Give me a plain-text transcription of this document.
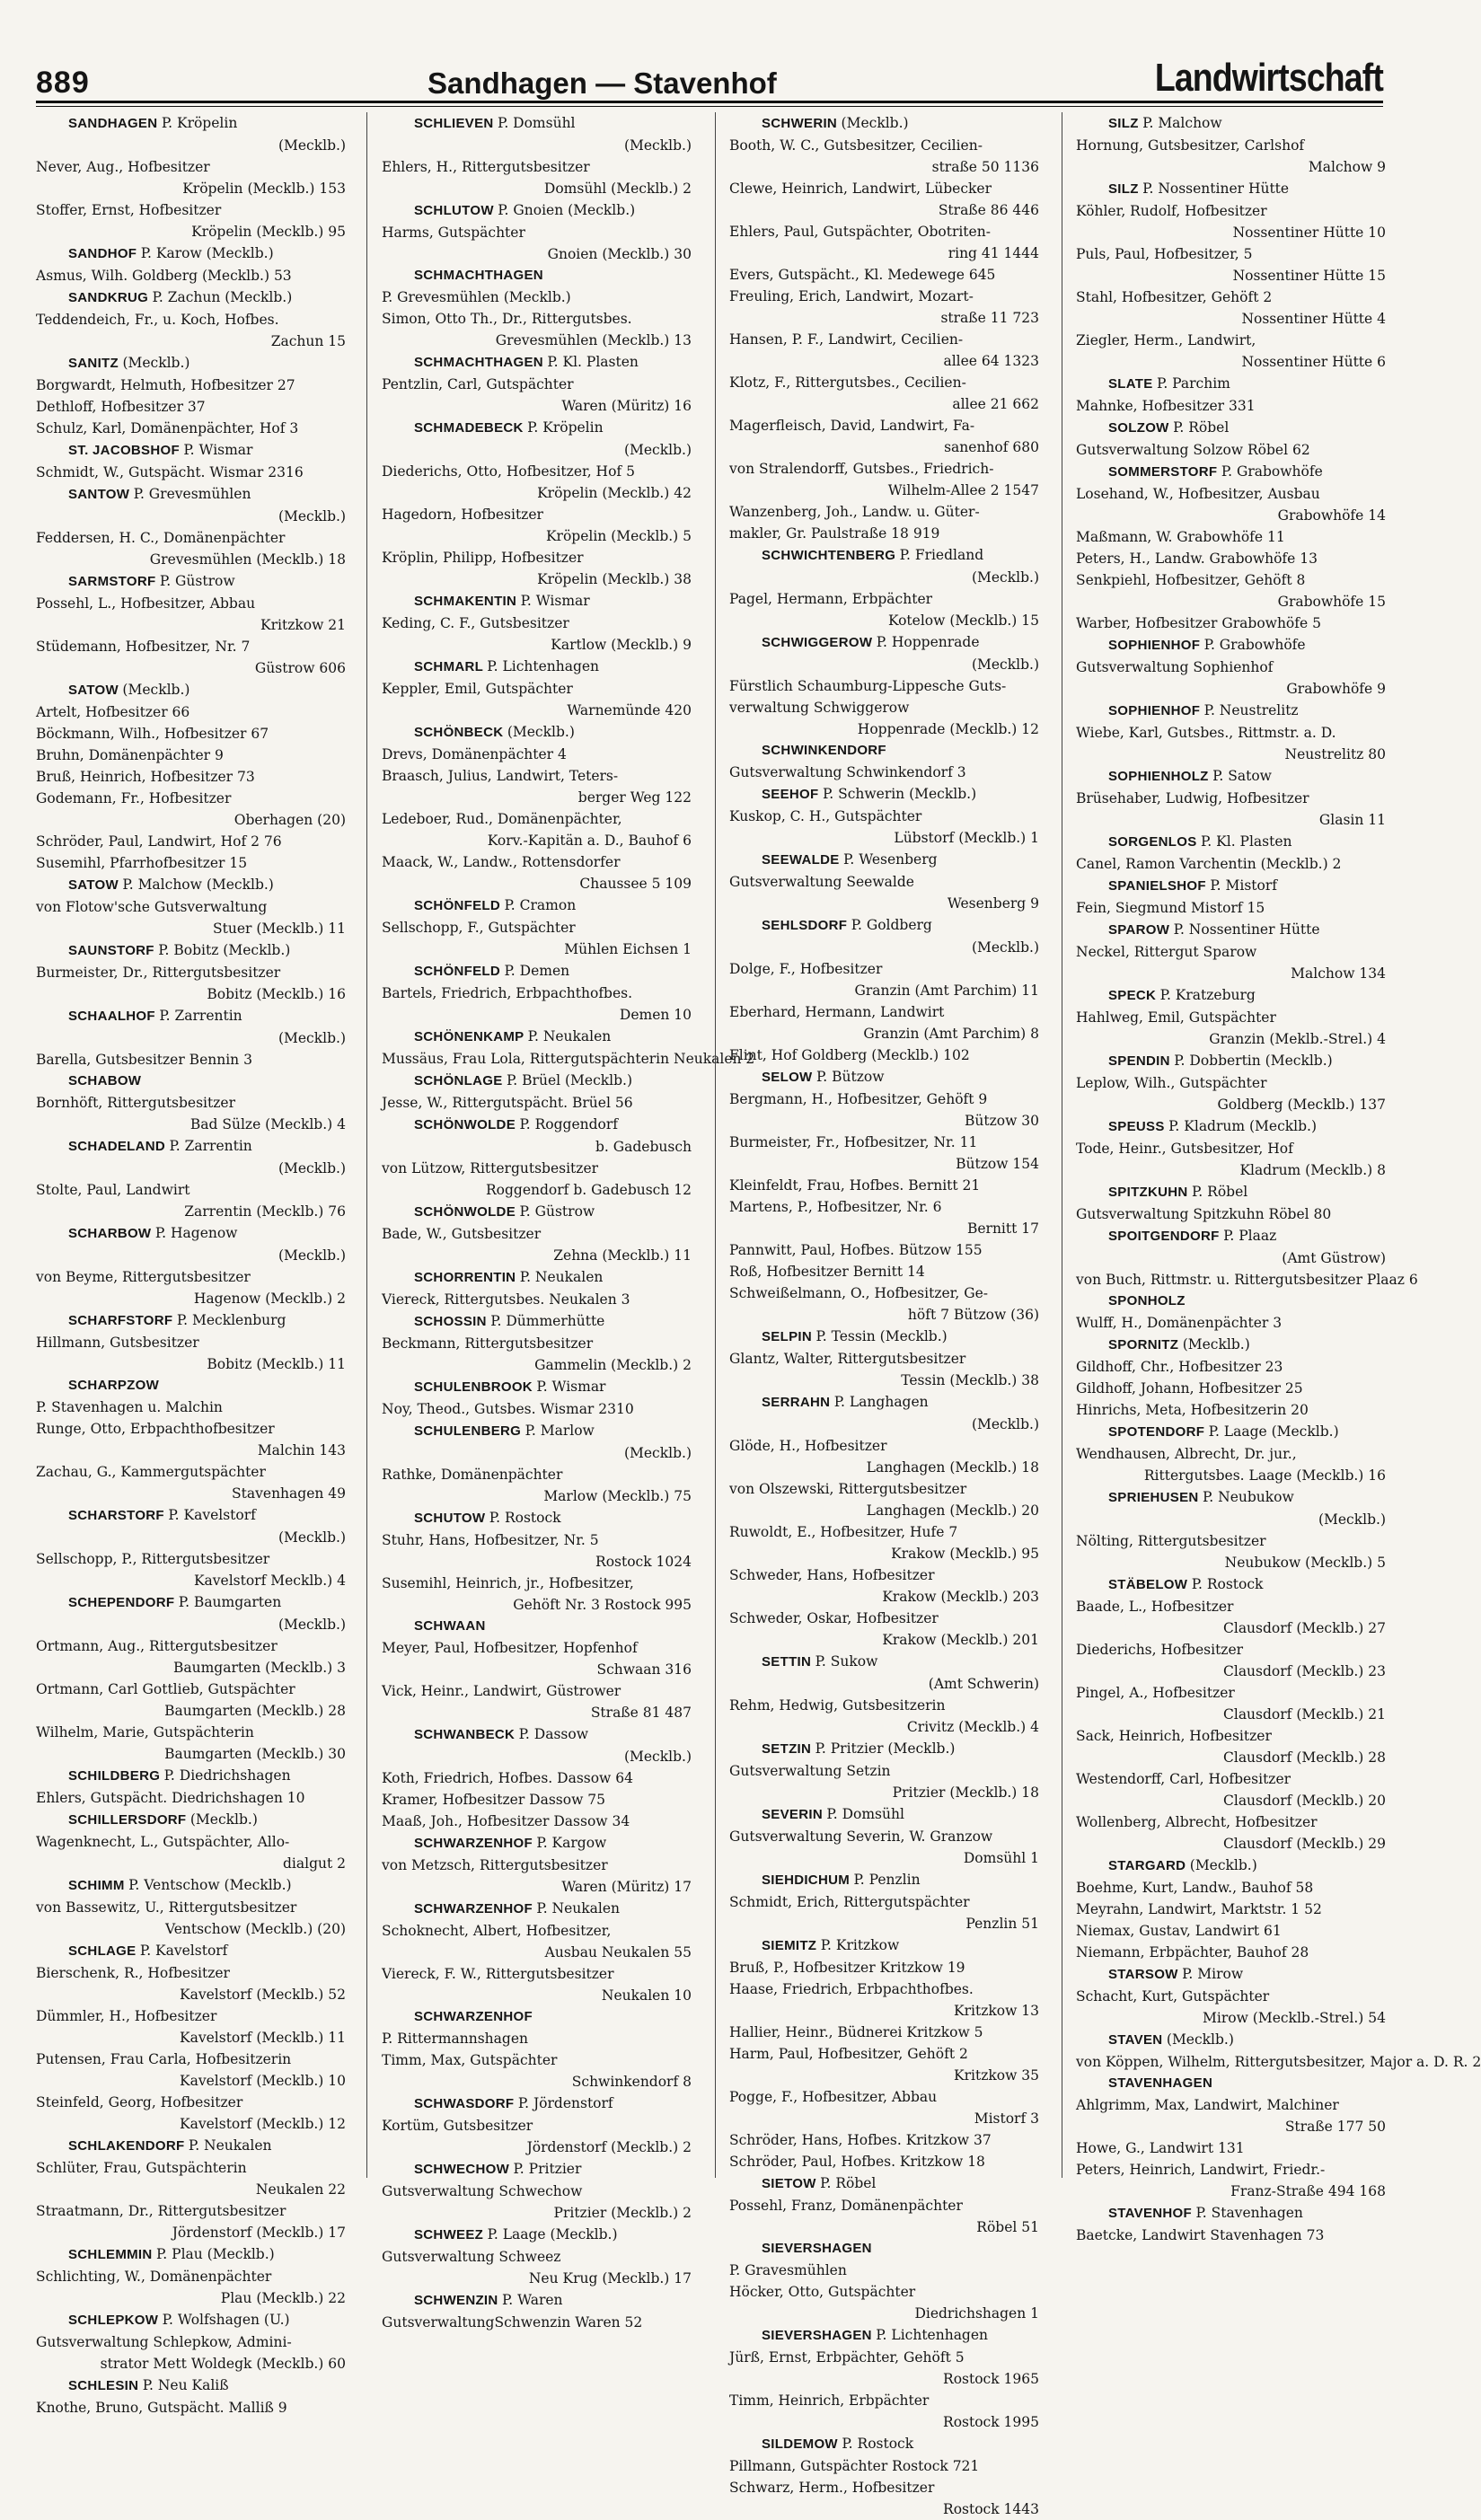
889	Sandhagen — Stavenhof	Landwirtschaft
SANDHAGEN P. Kröpelin
(Mecklb.)
Never, Aug., Hofbesitzer
Kröpelin (Mecklb.) 153
Stoffer, Ernst, Hofbesitzer
Kröpelin (Mecklb.) 95
SANDHOF P. Karow (Mecklb.)
Asmus, Wilh. Goldberg (Mecklb.) 53
SANDKRUG P. Zachun (Mecklb.)
Teddendeich, Fr., u. Koch, Hofbes.
Zachun 15
SANITZ (Mecklb.)
Borgwardt, Helmuth, Hofbesitzer 27
Dethloff, Hofbesitzer 37
Schulz, Karl, Domänenpächter, Hof 3
ST. JACOBSHOF P. Wismar
Schmidt, W., Gutspächt. Wismar 2316
SANTOW P. Grevesmühlen
(Mecklb.)
Feddersen, H. C., Domänenpächter
Grevesmühlen (Mecklb.) 18
SARMSTORF P. Güstrow
Possehl, L., Hofbesitzer, Abbau
Kritzkow 21
Stüdemann, Hofbesitzer, Nr. 7
Güstrow 606
SATOW (Mecklb.)
Artelt, Hofbesitzer 66
Böckmann, Wilh., Hofbesitzer 67
Bruhn, Domänenpächter 9
Bruß, Heinrich, Hofbesitzer 73
Godemann, Fr., Hofbesitzer
Oberhagen (20)
Schröder, Paul, Landwirt, Hof 2 76
Susemihl, Pfarrhofbesitzer 15
SATOW P. Malchow (Mecklb.)
von Flotow'sche Gutsverwaltung
Stuer (Mecklb.) 11
SAUNSTORF P. Bobitz (Mecklb.)
Burmeister, Dr., Rittergutsbesitzer
Bobitz (Mecklb.) 16
SCHAALHOF P. Zarrentin
(Mecklb.)
Barella, Gutsbesitzer Bennin 3
SCHABOW
Bornhöft, Rittergutsbesitzer
Bad Sülze (Mecklb.) 4
SCHADELAND P. Zarrentin
(Mecklb.)
Stolte, Paul, Landwirt
Zarrentin (Mecklb.) 76
SCHARBOW P. Hagenow
(Mecklb.)
von Beyme, Rittergutsbesitzer
Hagenow (Mecklb.) 2
SCHARFSTORF P. Mecklenburg
Hillmann, Gutsbesitzer
Bobitz (Mecklb.) 11
SCHARPZOW
P. Stavenhagen u. Malchin
Runge, Otto, Erbpachthofbesitzer
Malchin 143
Zachau, G., Kammergutspächter
Stavenhagen 49
SCHARSTORF P. Kavelstorf
(Mecklb.)
Sellschopp, P., Rittergutsbesitzer
Kavelstorf Mecklb.) 4
SCHEPENDORF P. Baumgarten
(Mecklb.)
Ortmann, Aug., Rittergutsbesitzer
Baumgarten (Mecklb.) 3
Ortmann, Carl Gottlieb, Gutspächter
Baumgarten (Mecklb.) 28
Wilhelm, Marie, Gutspächterin
Baumgarten (Mecklb.) 30
SCHILDBERG P. Diedrichshagen
Ehlers, Gutspächt. Diedrichshagen 10
SCHILLERSDORF (Mecklb.)
Wagenknecht, L., Gutspächter, Allo-
dialgut 2
SCHIMM P. Ventschow (Mecklb.)
von Bassewitz, U., Rittergutsbesitzer
Ventschow (Mecklb.) (20)
SCHLAGE P. Kavelstorf
Bierschenk, R., Hofbesitzer
Kavelstorf (Mecklb.) 52
Dümmler, H., Hofbesitzer
Kavelstorf (Mecklb.) 11
Putensen, Frau Carla, Hofbesitzerin
Kavelstorf (Mecklb.) 10
Steinfeld, Georg, Hofbesitzer
Kavelstorf (Mecklb.) 12
SCHLAKENDORF P. Neukalen
Schlüter, Frau, Gutspächterin
Neukalen 22
Straatmann, Dr., Rittergutsbesitzer
Jördenstorf (Mecklb.) 17
SCHLEMMIN P. Plau (Mecklb.)
Schlichting, W., Domänenpächter
Plau (Mecklb.) 22
SCHLEPKOW P. Wolfshagen (U.)
Gutsverwaltung Schlepkow, Admini-
strator Mett Woldegk (Mecklb.) 60
SCHLESIN P. Neu Kaliß
Knothe, Bruno, Gutspächt. Malliß 9
SCHLIEVEN P. Domsühl
(Mecklb.)
Ehlers, H., Rittergutsbesitzer
Domsühl (Mecklb.) 2
SCHLUTOW P. Gnoien (Mecklb.)
Harms, Gutspächter
Gnoien (Mecklb.) 30
SCHMACHTHAGEN
P. Grevesmühlen (Mecklb.)
Simon, Otto Th., Dr., Rittergutsbes.
Grevesmühlen (Mecklb.) 13
SCHMACHTHAGEN P. Kl. Plasten
Pentzlin, Carl, Gutspächter
Waren (Müritz) 16
SCHMADEBECK P. Kröpelin
(Mecklb.)
Diederichs, Otto, Hofbesitzer, Hof 5
Kröpelin (Mecklb.) 42
Hagedorn, Hofbesitzer
Kröpelin (Mecklb.) 5
Kröplin, Philipp, Hofbesitzer
Kröpelin (Mecklb.) 38
SCHMAKENTIN P. Wismar
Keding, C. F., Gutsbesitzer
Kartlow (Mecklb.) 9
SCHMARL P. Lichtenhagen
Keppler, Emil, Gutspächter
Warnemünde 420
SCHÖNBECK (Mecklb.)
Drevs, Domänenpächter 4
Braasch, Julius, Landwirt, Teters-
berger Weg 122
Ledeboer, Rud., Domänenpächter,
Korv.-Kapitän a. D., Bauhof 6
Maack, W., Landw., Rottensdorfer
Chaussee 5 109
SCHÖNFELD P. Cramon
Sellschopp, F., Gutspächter
Mühlen Eichsen 1
SCHÖNFELD P. Demen
Bartels, Friedrich, Erbpachthofbes.
Demen 10
SCHÖNENKAMP P. Neukalen
Mussäus, Frau Lola, Rittergutspächterin Neukalen 2
SCHÖNLAGE P. Brüel (Mecklb.)
Jesse, W., Rittergutspächt. Brüel 56
SCHÖNWOLDE P. Roggendorf
b. Gadebusch
von Lützow, Rittergutsbesitzer
Roggendorf b. Gadebusch 12
SCHÖNWOLDE P. Güstrow
Bade, W., Gutsbesitzer
Zehna (Mecklb.) 11
SCHORRENTIN P. Neukalen
Viereck, Rittergutsbes. Neukalen 3
SCHOSSIN P. Dümmerhütte
Beckmann, Rittergutsbesitzer
Gammelin (Mecklb.) 2
SCHULENBROOK P. Wismar
Noy, Theod., Gutsbes. Wismar 2310
SCHULENBERG P. Marlow
(Mecklb.)
Rathke, Domänenpächter
Marlow (Mecklb.) 75
SCHUTOW P. Rostock
Stuhr, Hans, Hofbesitzer, Nr. 5
Rostock 1024
Susemihl, Heinrich, jr., Hofbesitzer,
Gehöft Nr. 3 Rostock 995
SCHWAAN
Meyer, Paul, Hofbesitzer, Hopfenhof
Schwaan 316
Vick, Heinr., Landwirt, Güstrower
Straße 81 487
SCHWANBECK P. Dassow
(Mecklb.)
Koth, Friedrich, Hofbes. Dassow 64
Kramer, Hofbesitzer Dassow 75
Maaß, Joh., Hofbesitzer Dassow 34
SCHWARZENHOF P. Kargow
von Metzsch, Rittergutsbesitzer
Waren (Müritz) 17
SCHWARZENHOF P. Neukalen
Schoknecht, Albert, Hofbesitzer,
Ausbau Neukalen 55
Viereck, F. W., Rittergutsbesitzer
Neukalen 10
SCHWARZENHOF
P. Rittermannshagen
Timm, Max, Gutspächter
Schwinkendorf 8
SCHWASDORF P. Jördenstorf
Kortüm, Gutsbesitzer
Jördenstorf (Mecklb.) 2
SCHWECHOW P. Pritzier
Gutsverwaltung Schwechow
Pritzier (Mecklb.) 2
SCHWEEZ P. Laage (Mecklb.)
Gutsverwaltung Schweez
Neu Krug (Mecklb.) 17
SCHWENZIN P. Waren
GutsverwaltungSchwenzin Waren 52
SCHWERIN (Mecklb.)
Booth, W. C., Gutsbesitzer, Cecilien-
straße 50 1136
Clewe, Heinrich, Landwirt, Lübecker
Straße 86 446
Ehlers, Paul, Gutspächter, Obotriten-
ring 41 1444
Evers, Gutspächt., Kl. Medewege 645
Freuling, Erich, Landwirt, Mozart-
straße 11 723
Hansen, P. F., Landwirt, Cecilien-
allee 64 1323
Klotz, F., Rittergutsbes., Cecilien-
allee 21 662
Magerfleisch, David, Landwirt, Fa-
sanenhof 680
von Stralendorff, Gutsbes., Friedrich-
Wilhelm-Allee 2 1547
Wanzenberg, Joh., Landw. u. Güter-
makler, Gr. Paulstraße 18 919
SCHWICHTENBERG P. Friedland
(Mecklb.)
Pagel, Hermann, Erbpächter
Kotelow (Mecklb.) 15
SCHWIGGEROW P. Hoppenrade
(Mecklb.)
Fürstlich Schaumburg-Lippesche Guts-
verwaltung Schwiggerow
Hoppenrade (Mecklb.) 12
SCHWINKENDORF
Gutsverwaltung Schwinkendorf 3
SEEHOF P. Schwerin (Mecklb.)
Kuskop, C. H., Gutspächter
Lübstorf (Mecklb.) 1
SEEWALDE P. Wesenberg
Gutsverwaltung Seewalde
Wesenberg 9
SEHLSDORF P. Goldberg
(Mecklb.)
Dolge, F., Hofbesitzer
Granzin (Amt Parchim) 11
Eberhard, Hermann, Landwirt
Granzin (Amt Parchim) 8
Flint, Hof Goldberg (Mecklb.) 102
SELOW P. Bützow
Bergmann, H., Hofbesitzer, Gehöft 9
Bützow 30
Burmeister, Fr., Hofbesitzer, Nr. 11
Bützow 154
Kleinfeldt, Frau, Hofbes. Bernitt 21
Martens, P., Hofbesitzer, Nr. 6
Bernitt 17
Pannwitt, Paul, Hofbes. Bützow 155
Roß, Hofbesitzer Bernitt 14
Schweißelmann, O., Hofbesitzer, Ge-
höft 7 Bützow (36)
SELPIN P. Tessin (Mecklb.)
Glantz, Walter, Rittergutsbesitzer
Tessin (Mecklb.) 38
SERRAHN P. Langhagen
(Mecklb.)
Glöde, H., Hofbesitzer
Langhagen (Mecklb.) 18
von Olszewski, Rittergutsbesitzer
Langhagen (Mecklb.) 20
Ruwoldt, E., Hofbesitzer, Hufe 7
Krakow (Mecklb.) 95
Schweder, Hans, Hofbesitzer
Krakow (Mecklb.) 203
Schweder, Oskar, Hofbesitzer
Krakow (Mecklb.) 201
SETTIN P. Sukow
(Amt Schwerin)
Rehm, Hedwig, Gutsbesitzerin
Crivitz (Mecklb.) 4
SETZIN P. Pritzier (Mecklb.)
Gutsverwaltung Setzin
Pritzier (Mecklb.) 18
SEVERIN P. Domsühl
Gutsverwaltung Severin, W. Granzow
Domsühl 1
SIEHDICHUM P. Penzlin
Schmidt, Erich, Rittergutspächter
Penzlin 51
SIEMITZ P. Kritzkow
Bruß, P., Hofbesitzer Kritzkow 19
Haase, Friedrich, Erbpachthofbes.
Kritzkow 13
Hallier, Heinr., Büdnerei Kritzkow 5
Harm, Paul, Hofbesitzer, Gehöft 2
Kritzkow 35
Pogge, F., Hofbesitzer, Abbau
Mistorf 3
Schröder, Hans, Hofbes. Kritzkow 37
Schröder, Paul, Hofbes. Kritzkow 18
SIETOW P. Röbel
Possehl, Franz, Domänenpächter
Röbel 51
SIEVERSHAGEN
P. Gravesmühlen
Höcker, Otto, Gutspächter
Diedrichshagen 1
SIEVERSHAGEN P. Lichtenhagen
Jürß, Ernst, Erbpächter, Gehöft 5
Rostock 1965
Timm, Heinrich, Erbpächter
Rostock 1995
SILDEMOW P. Rostock
Pillmann, Gutspächter Rostock 721
Schwarz, Herm., Hofbesitzer
Rostock 1443
SILZ P. Malchow
Hornung, Gutsbesitzer, Carlshof
Malchow 9
SILZ P. Nossentiner Hütte
Köhler, Rudolf, Hofbesitzer
Nossentiner Hütte 10
Puls, Paul, Hofbesitzer, 5
Nossentiner Hütte 15
Stahl, Hofbesitzer, Gehöft 2
Nossentiner Hütte 4
Ziegler, Herm., Landwirt,
Nossentiner Hütte 6
SLATE P. Parchim
Mahnke, Hofbesitzer 331
SOLZOW P. Röbel
Gutsverwaltung Solzow Röbel 62
SOMMERSTORF P. Grabowhöfe
Losehand, W., Hofbesitzer, Ausbau
Grabowhöfe 14
Maßmann, W. Grabowhöfe 11
Peters, H., Landw. Grabowhöfe 13
Senkpiehl, Hofbesitzer, Gehöft 8
Grabowhöfe 15
Warber, Hofbesitzer Grabowhöfe 5
SOPHIENHOF P. Grabowhöfe
Gutsverwaltung Sophienhof
Grabowhöfe 9
SOPHIENHOF P. Neustrelitz
Wiebe, Karl, Gutsbes., Rittmstr. a. D.
Neustrelitz 80
SOPHIENHOLZ P. Satow
Brüsehaber, Ludwig, Hofbesitzer
Glasin 11
SORGENLOS P. Kl. Plasten
Canel, Ramon Varchentin (Mecklb.) 2
SPANIELSHOF P. Mistorf
Fein, Siegmund Mistorf 15
SPAROW P. Nossentiner Hütte
Neckel, Rittergut Sparow
Malchow 134
SPECK P. Kratzeburg
Hahlweg, Emil, Gutspächter
Granzin (Meklb.-Strel.) 4
SPENDIN P. Dobbertin (Mecklb.)
Leplow, Wilh., Gutspächter
Goldberg (Mecklb.) 137
SPEUSS P. Kladrum (Mecklb.)
Tode, Heinr., Gutsbesitzer, Hof
Kladrum (Mecklb.) 8
SPITZKUHN P. Röbel
Gutsverwaltung Spitzkuhn Röbel 80
SPOITGENDORF P. Plaaz
(Amt Güstrow)
von Buch, Rittmstr. u. Rittergutsbesitzer Plaaz 6
SPONHOLZ
Wulff, H., Domänenpächter 3
SPORNITZ (Mecklb.)
Gildhoff, Chr., Hofbesitzer 23
Gildhoff, Johann, Hofbesitzer 25
Hinrichs, Meta, Hofbesitzerin 20
SPOTENDORF P. Laage (Mecklb.)
Wendhausen, Albrecht, Dr. jur.,
Rittergutsbes. Laage (Mecklb.) 16
SPRIEHUSEN P. Neubukow
(Mecklb.)
Nölting, Rittergutsbesitzer
Neubukow (Mecklb.) 5
STÄBELOW P. Rostock
Baade, L., Hofbesitzer
Clausdorf (Mecklb.) 27
Diederichs, Hofbesitzer
Clausdorf (Mecklb.) 23
Pingel, A., Hofbesitzer
Clausdorf (Mecklb.) 21
Sack, Heinrich, Hofbesitzer
Clausdorf (Mecklb.) 28
Westendorff, Carl, Hofbesitzer
Clausdorf (Mecklb.) 20
Wollenberg, Albrecht, Hofbesitzer
Clausdorf (Mecklb.) 29
STARGARD (Mecklb.)
Boehme, Kurt, Landw., Bauhof 58
Meyrahn, Landwirt, Marktstr. 1 52
Niemax, Gustav, Landwirt 61
Niemann, Erbpächter, Bauhof 28
STARSOW P. Mirow
Schacht, Kurt, Gutspächter
Mirow (Mecklb.-Strel.) 54
STAVEN (Mecklb.)
von Köppen, Wilhelm, Rittergutsbesitzer, Major a. D. R. 2
STAVENHAGEN
Ahlgrimm, Max, Landwirt, Malchiner
Straße 177 50
Howe, G., Landwirt 131
Peters, Heinrich, Landwirt, Friedr.-
Franz-Straße 494 168
STAVENHOF P. Stavenhagen
Baetcke, Landwirt Stavenhagen 73
